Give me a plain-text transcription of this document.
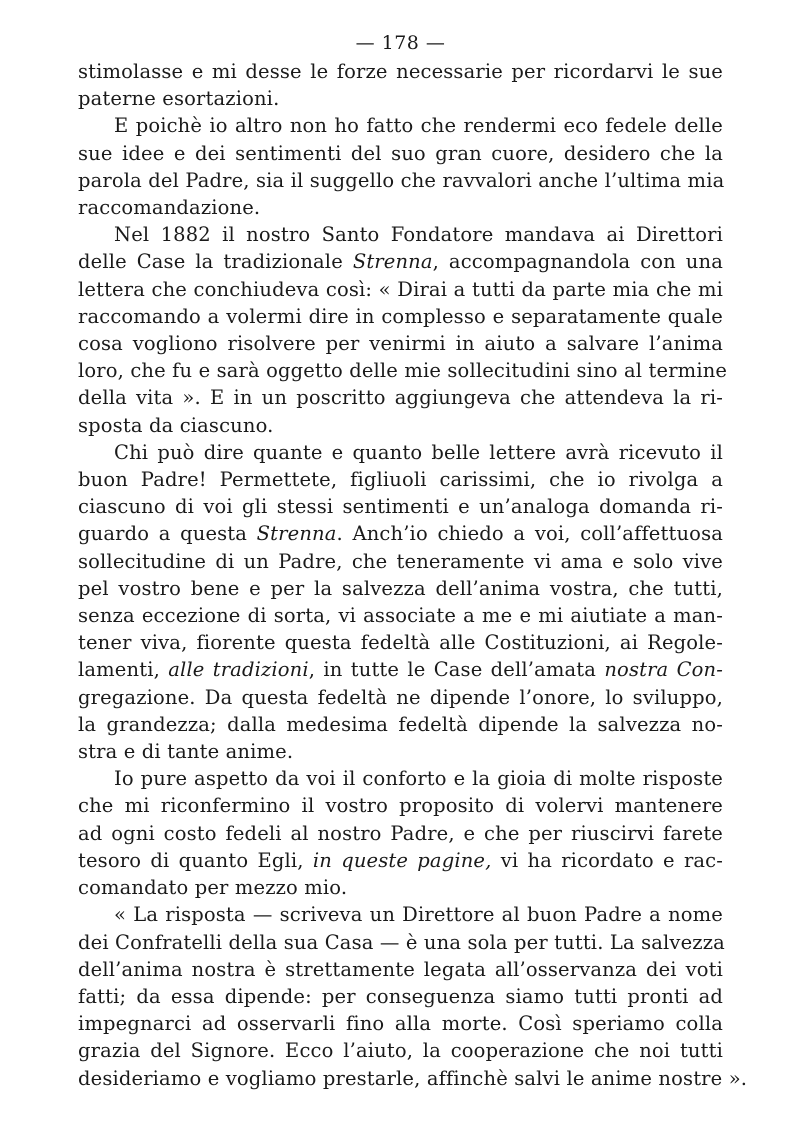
— 178 —
stimolasse e mi desse le forze necessarie per ricordarvi le sue
paterne esortazioni.
E poichè io altro non ho fatto che rendermi eco fedele delle
sue idee e dei sentimenti del suo gran cuore, desidero che la
parola del Padre, sia il suggello che ravvalori anche l’ultima mia
raccomandazione.
Nel 1882 il nostro Santo Fondatore mandava ai Direttori
delle Case la tradizionale Strenna, accompagnandola con una
lettera che conchiudeva così: « Dirai a tutti da parte mia che mi
raccomando a volermi dire in complesso e separatamente quale
cosa vogliono risolvere per venirmi in aiuto a salvare l’anima
loro, che fu e sarà oggetto delle mie sollecitudini sino al termine
della vita ». E in un poscritto aggiungeva che attendeva la ri-
sposta da ciascuno.
Chi può dire quante e quanto belle lettere avrà ricevuto il
buon Padre! Permettete, figliuoli carissimi, che io rivolga a
ciascuno di voi gli stessi sentimenti e un’analoga domanda ri-
guardo a questa Strenna. Anch’io chiedo a voi, coll’affettuosa
sollecitudine di un Padre, che teneramente vi ama e solo vive
pel vostro bene e per la salvezza dell’anima vostra, che tutti,
senza eccezione di sorta, vi associate a me e mi aiutiate a man-
tener viva, fiorente questa fedeltà alle Costituzioni, ai Regole-
lamenti, alle tradizioni, in tutte le Case dell’amata nostra Con-
gregazione. Da questa fedeltà ne dipende l’onore, lo sviluppo,
la grandezza; dalla medesima fedeltà dipende la salvezza no-
stra e di tante anime.
Io pure aspetto da voi il conforto e la gioia di molte risposte
che mi riconfermino il vostro proposito di volervi mantenere
ad ogni costo fedeli al nostro Padre, e che per riuscirvi farete
tesoro di quanto Egli, in queste pagine, vi ha ricordato e rac-
comandato per mezzo mio.
« La risposta — scriveva un Direttore al buon Padre a nome
dei Confratelli della sua Casa — è una sola per tutti. La salvezza
dell’anima nostra è strettamente legata all’osservanza dei voti
fatti; da essa dipende: per conseguenza siamo tutti pronti ad
impegnarci ad osservarli fino alla morte. Così speriamo colla
grazia del Signore. Ecco l’aiuto, la cooperazione che noi tutti
desideriamo e vogliamo prestarle, affinchè salvi le anime nostre ».
